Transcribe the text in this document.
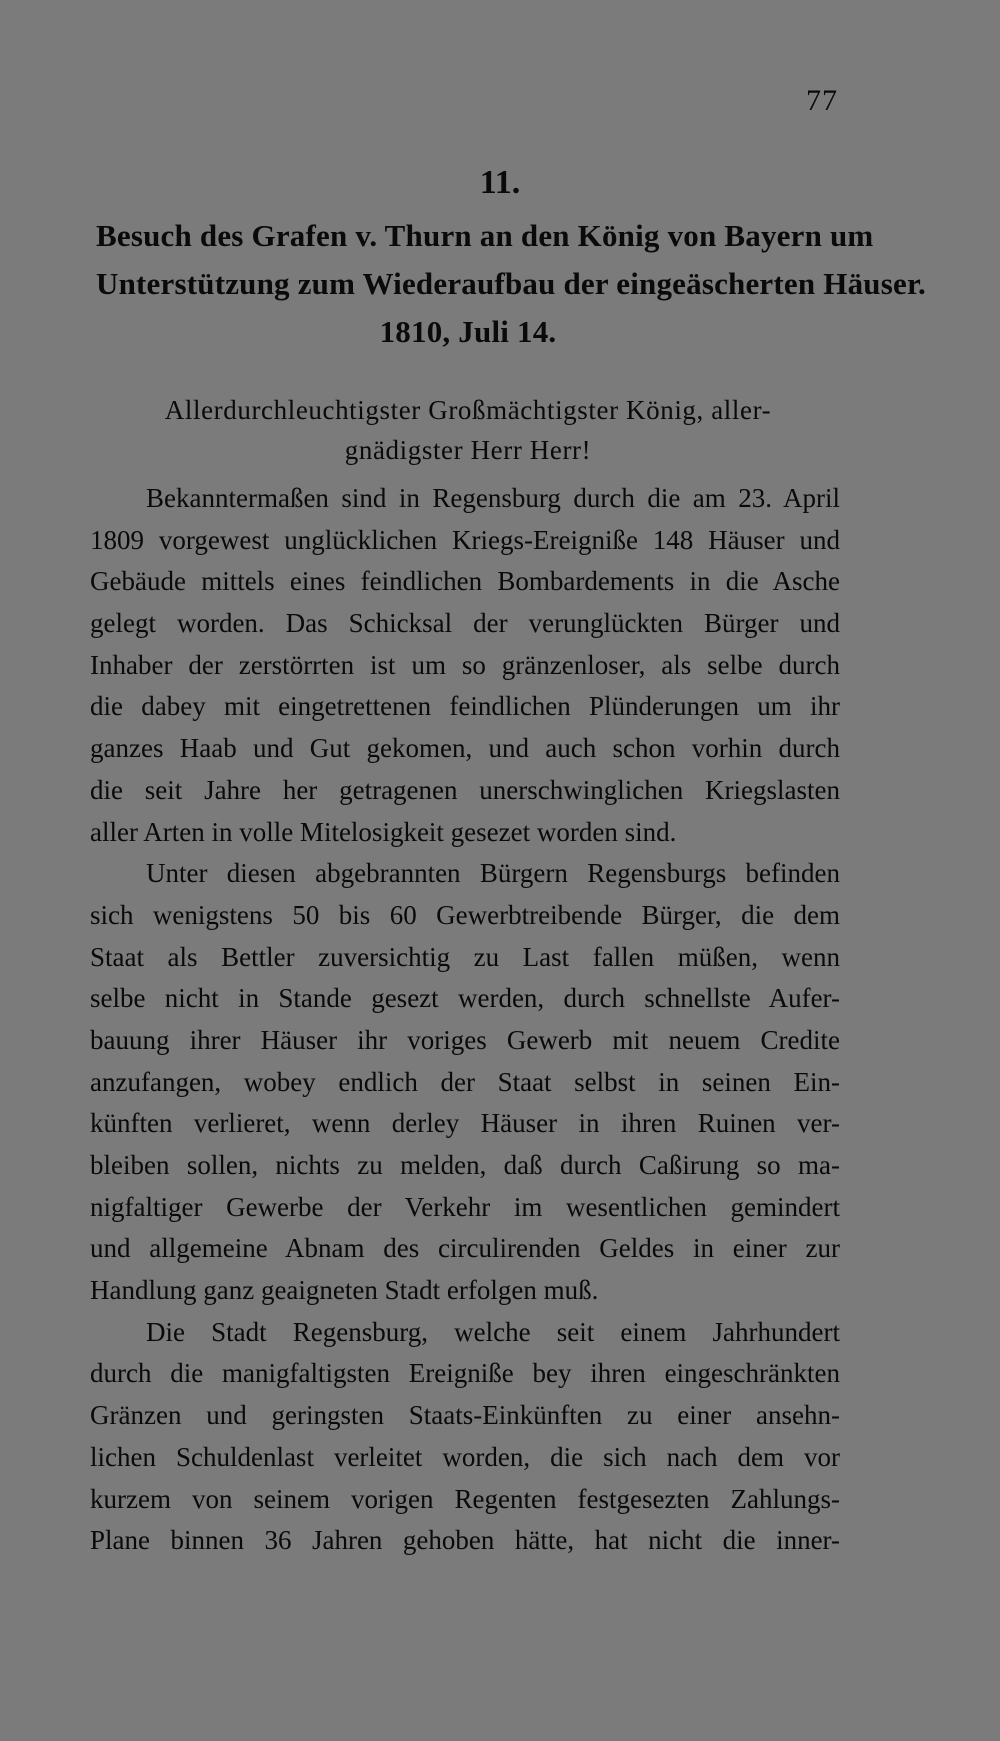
77
11.
Besuch des Grafen v. Thurn an den König von Bayern um
Unterstützung zum Wiederaufbau der eingeäscherten Häuser.
1810, Juli 14.
Allerdurchleuchtigster Großmächtigster König, aller-
gnädigster Herr Herr!
Bekanntermaßen sind in Regensburg durch die am 23. April
1809 vorgewest unglücklichen Kriegs-Ereigniße 148 Häuser und
Gebäude mittels eines feindlichen Bombardements in die Asche
gelegt worden. Das Schicksal der verunglückten Bürger und
Inhaber der zerstörrten ist um so gränzenloser, als selbe durch
die dabey mit eingetrettenen feindlichen Plünderungen um ihr
ganzes Haab und Gut gekomen, und auch schon vorhin durch
die seit Jahre her getragenen unerschwinglichen Kriegslasten
aller Arten in volle Mitelosigkeit gesezet worden sind.
Unter diesen abgebrannten Bürgern Regensburgs befinden
sich wenigstens 50 bis 60 Gewerbtreibende Bürger, die dem
Staat als Bettler zuversichtig zu Last fallen müßen, wenn
selbe nicht in Stande gesezt werden, durch schnellste Aufer-
bauung ihrer Häuser ihr voriges Gewerb mit neuem Credite
anzufangen, wobey endlich der Staat selbst in seinen Ein-
künften verlieret, wenn derley Häuser in ihren Ruinen ver-
bleiben sollen, nichts zu melden, daß durch Caßirung so ma-
nigfaltiger Gewerbe der Verkehr im wesentlichen gemindert
und allgemeine Abnam des circulirenden Geldes in einer zur
Handlung ganz geaigneten Stadt erfolgen muß.
Die Stadt Regensburg, welche seit einem Jahrhundert
durch die manigfaltigsten Ereigniße bey ihren eingeschränkten
Gränzen und geringsten Staats-Einkünften zu einer ansehn-
lichen Schuldenlast verleitet worden, die sich nach dem vor
kurzem von seinem vorigen Regenten festgesezten Zahlungs-
Plane binnen 36 Jahren gehoben hätte, hat nicht die inner-
